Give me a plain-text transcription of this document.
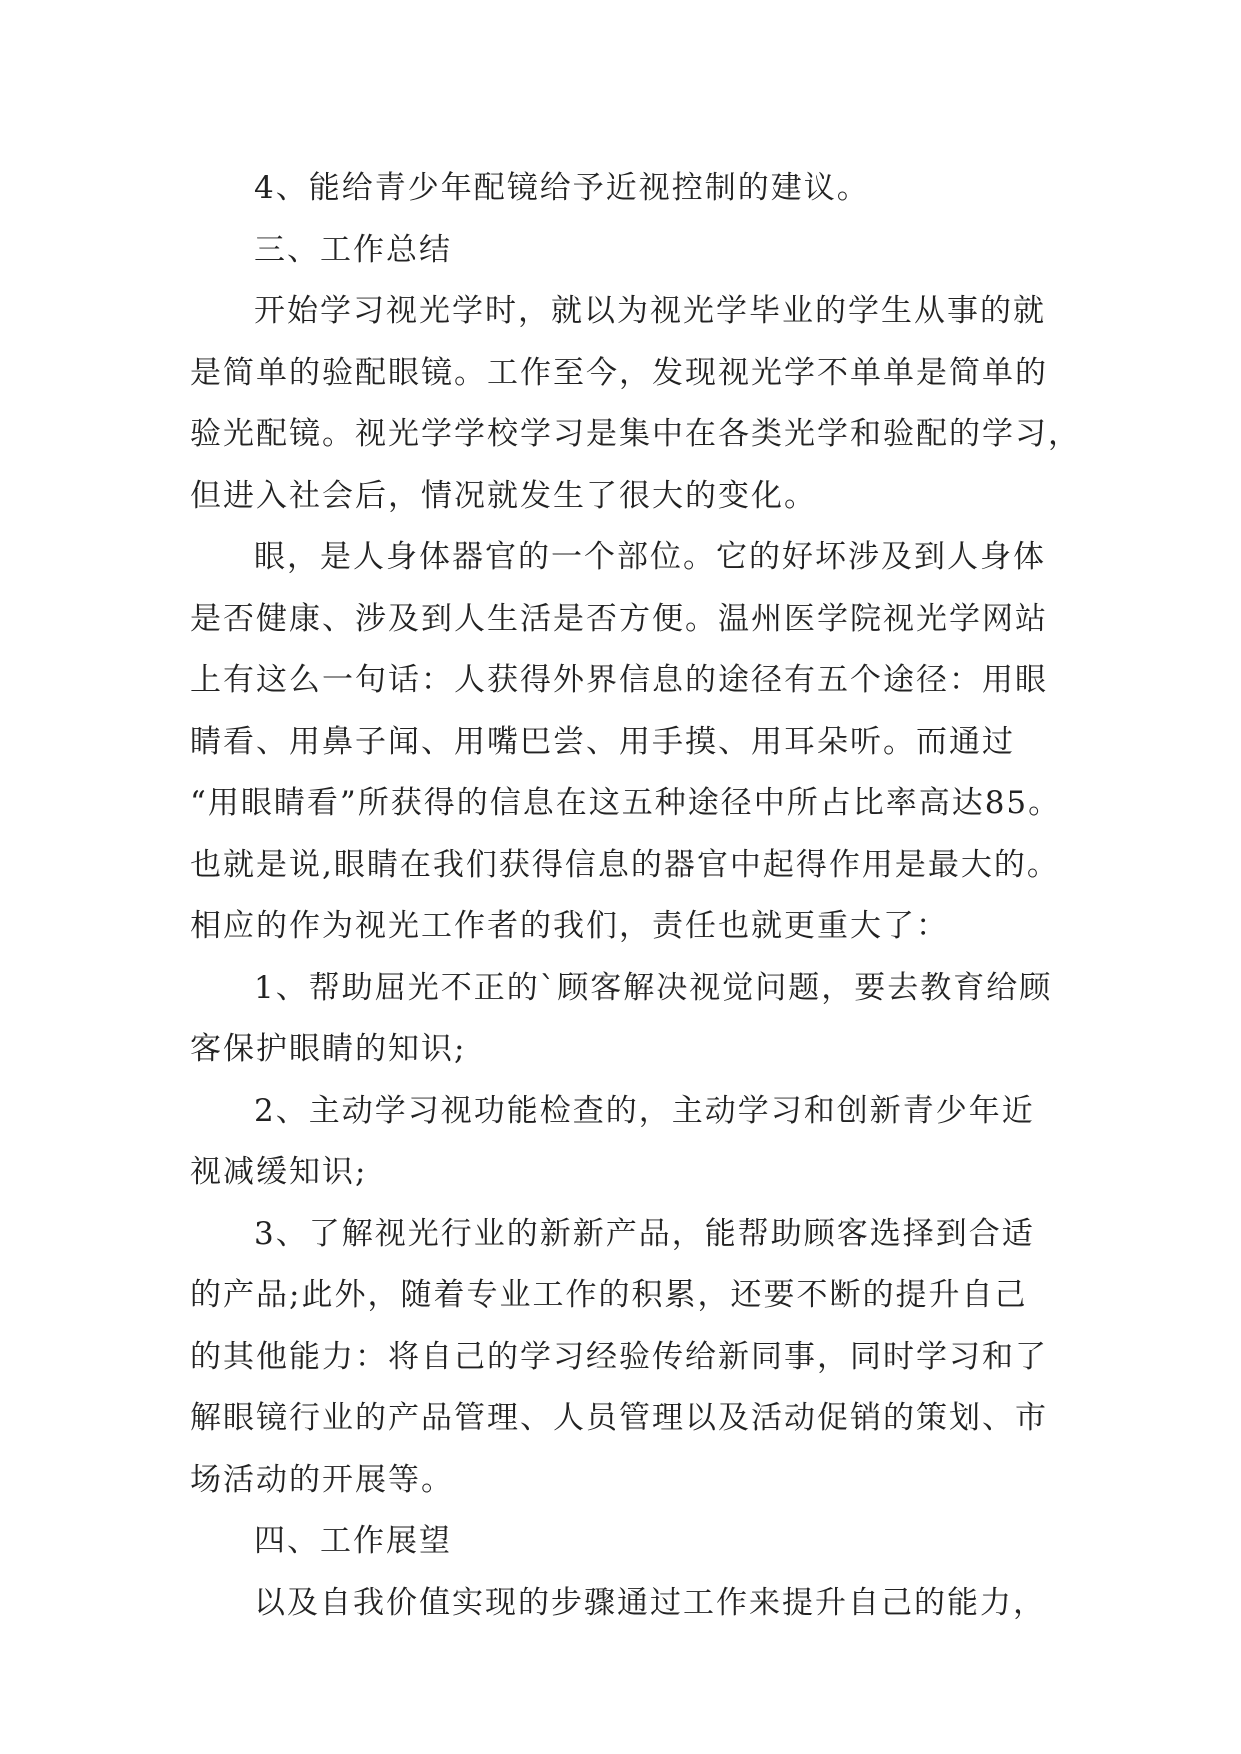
4、能给青少年配镜给予近视控制的建议。
三、工作总结
开始学习视光学时，就以为视光学毕业的学生从事的就
是简单的验配眼镜。工作至今，发现视光学不单单是简单的
验光配镜。视光学学校学习是集中在各类光学和验配的学习，
但进入社会后，情况就发生了很大的变化。
眼，是人身体器官的一个部位。它的好坏涉及到人身体
是否健康、涉及到人生活是否方便。温州医学院视光学网站
上有这么一句话：人获得外界信息的途径有五个途径：用眼
睛看、用鼻子闻、用嘴巴尝、用手摸、用耳朵听。而通过
“用眼睛看”所获得的信息在这五种途径中所占比率高达85。
也就是说,眼睛在我们获得信息的器官中起得作用是最大的。
相应的作为视光工作者的我们，责任也就更重大了：
1、帮助屈光不正的`顾客解决视觉问题，要去教育给顾
客保护眼睛的知识;
2、主动学习视功能检查的，主动学习和创新青少年近
视减缓知识;
3、了解视光行业的新新产品，能帮助顾客选择到合适
的产品;此外，随着专业工作的积累，还要不断的提升自己
的其他能力：将自己的学习经验传给新同事，同时学习和了
解眼镜行业的产品管理、人员管理以及活动促销的策划、市
场活动的开展等。
四、工作展望
以及自我价值实现的步骤通过工作来提升自己的能力，
